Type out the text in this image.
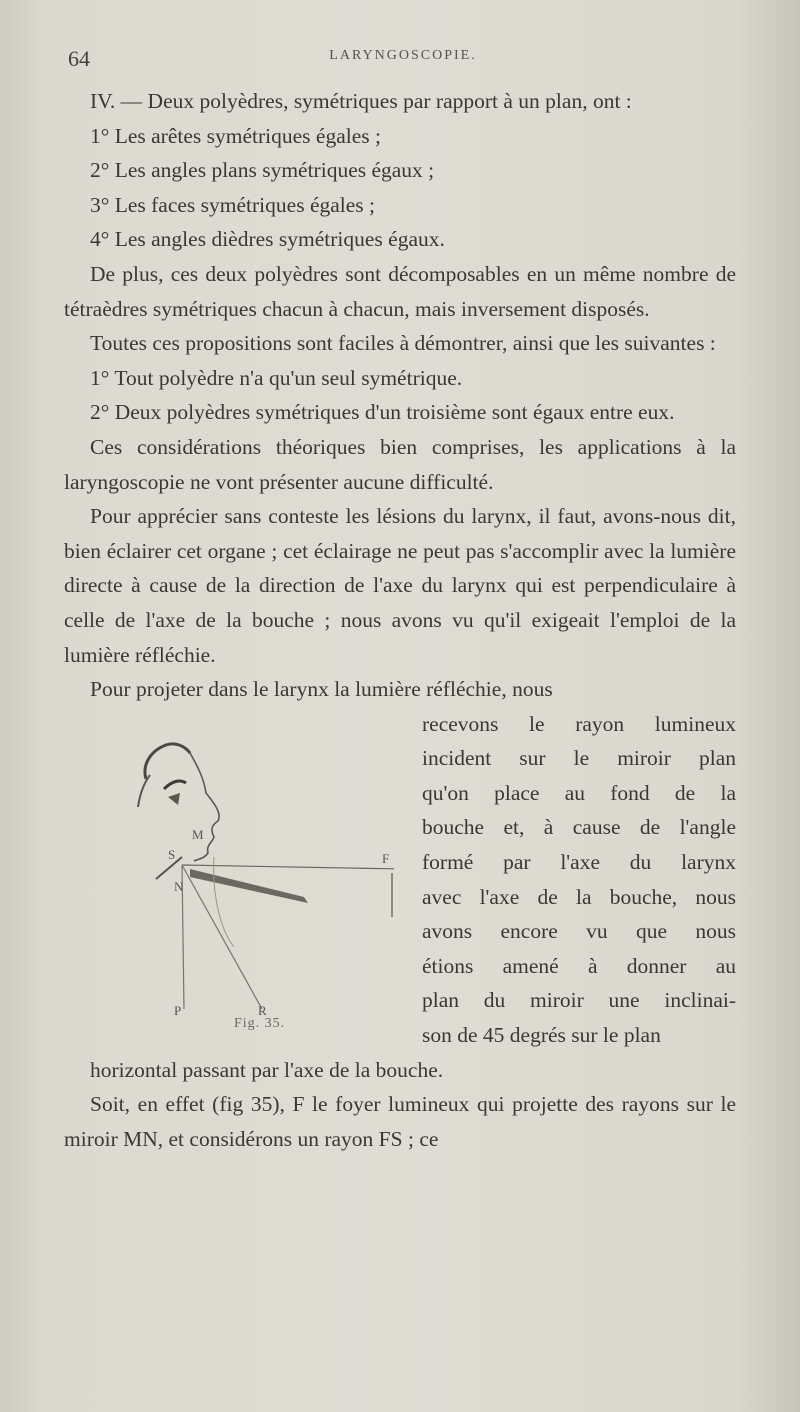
64	LARYNGOSCOPIE.

IV. — Deux polyèdres, symétriques par rapport à un plan, ont :

1° Les arêtes symétriques égales ;

2° Les angles plans symétriques égaux ;

3° Les faces symétriques égales ;

4° Les angles dièdres symétriques égaux.

De plus, ces deux polyèdres sont décomposables en un même nombre de tétraèdres symétriques chacun à chacun, mais inversement disposés.

Toutes ces propositions sont faciles à démontrer, ainsi que les suivantes :

1° Tout polyèdre n'a qu'un seul symétrique.

2° Deux polyèdres symétriques d'un troisième sont égaux entre eux.

Ces considérations théoriques bien comprises, les applications à la laryngoscopie ne vont présenter aucune difficulté.

Pour apprécier sans conteste les lésions du larynx, il faut, avons-nous dit, bien éclairer cet organe ; cet éclairage ne peut pas s'accomplir avec la lumière directe à cause de la direction de l'axe du larynx qui est perpendiculaire à celle de l'axe de la bouche ; nous avons vu qu'il exigeait l'emploi de la lumière réfléchie.

Pour projeter dans le larynx la lumière réfléchie, nous

M
S
N
F
P	R
Fig. 35.
recevons le rayon lumineux
incident sur le miroir plan
qu'on place au fond de la
bouche et, à cause de l'angle
formé par l'axe du larynx
avec l'axe de la bouche, nous
avons encore vu que nous
étions amené à donner au
plan du miroir une inclinai-
son de 45 degrés sur le plan

horizontal passant par l'axe de la bouche.

Soit, en effet (fig 35), F le foyer lumineux qui projette des rayons sur le miroir MN, et considérons un rayon FS ; ce
